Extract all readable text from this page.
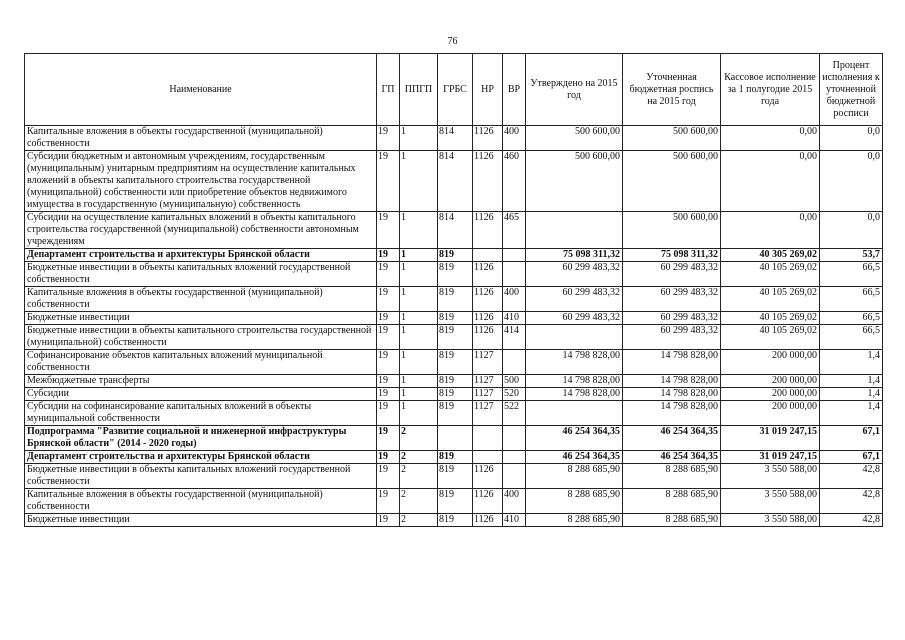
76
Наименование	ГП	ППГП	ГРБС	НР	ВР	Утверждено на 2015 год	Уточненная бюджетная роспись на 2015 год	Кассовое исполнение за 1 полугодие 2015 года	Процент исполнения к уточненной бюджетной росписи
Капитальные вложения в объекты государственной (муниципальной) собственности	19	1	814	1126	400	500 600,00	500 600,00	0,00	0,0
Субсидии бюджетным и автономным учреждениям, государственным (муниципальным) унитарным предприятиям на осуществление капитальных вложений в объекты капитального строительства государственной (муниципальной) собственности или приобретение объектов недвижимого имущества в государственную (муниципальную) собственность	19	1	814	1126	460	500 600,00	500 600,00	0,00	0,0
Субсидии на осуществление капитальных вложений в объекты капитального строительства государственной (муниципальной) собственности автономным учреждениям	19	1	814	1126	465		500 600,00	0,00	0,0
Департамент строительства и архитектуры Брянской области	19	1	819			75 098 311,32	75 098 311,32	40 305 269,02	53,7
Бюджетные инвестиции в объекты капитальных вложений государственной собственности	19	1	819	1126		60 299 483,32	60 299 483,32	40 105 269,02	66,5
Капитальные вложения в объекты государственной (муниципальной) собственности	19	1	819	1126	400	60 299 483,32	60 299 483,32	40 105 269,02	66,5
Бюджетные инвестиции	19	1	819	1126	410	60 299 483,32	60 299 483,32	40 105 269,02	66,5
Бюджетные инвестиции в объекты капитального строительства государственной (муниципальной) собственности	19	1	819	1126	414		60 299 483,32	40 105 269,02	66,5
Софинансирование объектов капитальных вложений муниципальной собственности	19	1	819	1127		14 798 828,00	14 798 828,00	200 000,00	1,4
Межбюджетные трансферты	19	1	819	1127	500	14 798 828,00	14 798 828,00	200 000,00	1,4
Субсидии	19	1	819	1127	520	14 798 828,00	14 798 828,00	200 000,00	1,4
Субсидии на софинансирование капитальных вложений в объекты муниципальной собственности	19	1	819	1127	522		14 798 828,00	200 000,00	1,4
Подпрограмма "Развитие социальной и инженерной инфраструктуры Брянской области" (2014 - 2020 годы)	19	2				46 254 364,35	46 254 364,35	31 019 247,15	67,1
Департамент строительства и архитектуры Брянской области	19	2	819			46 254 364,35	46 254 364,35	31 019 247,15	67,1
Бюджетные инвестиции в объекты капитальных вложений государственной собственности	19	2	819	1126		8 288 685,90	8 288 685,90	3 550 588,00	42,8
Капитальные вложения в объекты государственной (муниципальной) собственности	19	2	819	1126	400	8 288 685,90	8 288 685,90	3 550 588,00	42,8
Бюджетные инвестиции	19	2	819	1126	410	8 288 685,90	8 288 685,90	3 550 588,00	42,8
